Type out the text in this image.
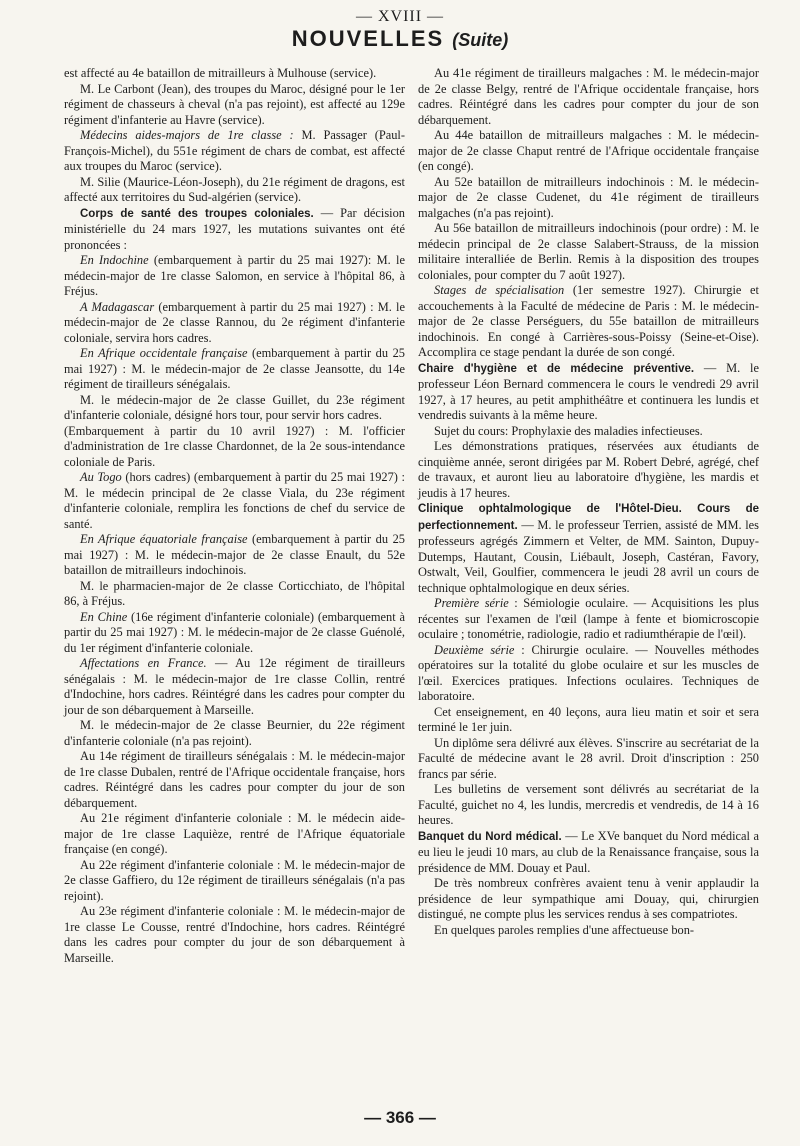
— XVIII —
NOUVELLES (Suite)

est affecté au 4e bataillon de mitrailleurs à Mulhouse (service).

M. Le Carbont (Jean), des troupes du Maroc, désigné pour le 1er régiment de chasseurs à cheval (n'a pas rejoint), est affecté au 129e régiment d'infanterie au Havre (service).

Médecins aides-majors de 1re classe : M. Passager (Paul-François-Michel), du 551e régiment de chars de combat, est affecté aux troupes du Maroc (service).

M. Silie (Maurice-Léon-Joseph), du 21e régiment de dragons, est affecté aux territoires du Sud-algérien (service).

Corps de santé des troupes coloniales. — Par décision ministérielle du 24 mars 1927, les mutations suivantes ont été prononcées :

En Indochine (embarquement à partir du 25 mai 1927): M. le médecin-major de 1re classe Salomon, en service à l'hôpital 86, à Fréjus.

A Madagascar (embarquement à partir du 25 mai 1927) : M. le médecin-major de 2e classe Rannou, du 2e régiment d'infanterie coloniale, servira hors cadres.

En Afrique occidentale française (embarquement à partir du 25 mai 1927) : M. le médecin-major de 2e classe Jeansotte, du 14e régiment de tirailleurs sénégalais.

M. le médecin-major de 2e classe Guillet, du 23e régiment d'infanterie coloniale, désigné hors tour, pour servir hors cadres.

(Embarquement à partir du 10 avril 1927) : M. l'officier d'administration de 1re classe Chardonnet, de la 2e sous-intendance coloniale de Paris.

Au Togo (hors cadres) (embarquement à partir du 25 mai 1927) : M. le médecin principal de 2e classe Viala, du 23e régiment d'infanterie coloniale, remplira les fonctions de chef du service de santé.

En Afrique équatoriale française (embarquement à partir du 25 mai 1927) : M. le médecin-major de 2e classe Enault, du 52e bataillon de mitrailleurs indochinois.

M. le pharmacien-major de 2e classe Corticchiato, de l'hôpital 86, à Fréjus.

En Chine (16e régiment d'infanterie coloniale) (embarquement à partir du 25 mai 1927) : M. le médecin-major de 2e classe Guénolé, du 1er régiment d'infanterie coloniale.

Affectations en France. — Au 12e régiment de tirailleurs sénégalais : M. le médecin-major de 1re classe Collin, rentré d'Indochine, hors cadres. Réintégré dans les cadres pour compter du jour de son débarquement à Marseille.

M. le médecin-major de 2e classe Beurnier, du 22e régiment d'infanterie coloniale (n'a pas rejoint).

Au 14e régiment de tirailleurs sénégalais : M. le médecin-major de 1re classe Dubalen, rentré de l'Afrique occidentale française, hors cadres. Réintégré dans les cadres pour compter du jour de son débarquement.

Au 21e régiment d'infanterie coloniale : M. le médecin aide-major de 1re classe Laquièze, rentré de l'Afrique équatoriale française (en congé).

Au 22e régiment d'infanterie coloniale : M. le médecin-major de 2e classe Gaffiero, du 12e régiment de tirailleurs sénégalais (n'a pas rejoint).

Au 23e régiment d'infanterie coloniale : M. le médecin-major de 1re classe Le Cousse, rentré d'Indochine, hors cadres. Réintégré dans les cadres pour compter du jour de son débarquement à Marseille.

Au 41e régiment de tirailleurs malgaches : M. le médecin-major de 2e classe Belgy, rentré de l'Afrique occidentale française, hors cadres. Réintégré dans les cadres pour compter du jour de son débarquement.

Au 44e bataillon de mitrailleurs malgaches : M. le médecin-major de 2e classe Chaput rentré de l'Afrique occidentale française (en congé).

Au 52e bataillon de mitrailleurs indochinois : M. le médecin-major de 2e classe Cudenet, du 41e régiment de tirailleurs malgaches (n'a pas rejoint).

Au 56e bataillon de mitrailleurs indochinois (pour ordre) : M. le médecin principal de 2e classe Salabert-Strauss, de la mission militaire interalliée de Berlin. Remis à la disposition des troupes coloniales, pour compter du 7 août 1927).

Stages de spécialisation (1er semestre 1927). Chirurgie et accouchements à la Faculté de médecine de Paris : M. le médecin-major de 2e classe Perséguers, du 55e bataillon de mitrailleurs indochinois. En congé à Carrières-sous-Poissy (Seine-et-Oise). Accomplira ce stage pendant la durée de son congé.

Chaire d'hygiène et de médecine préventive. — M. le professeur Léon Bernard commencera le cours le vendredi 29 avril 1927, à 17 heures, au petit amphithéâtre et continuera les lundis et vendredis suivants à la même heure.

Sujet du cours: Prophylaxie des maladies infectieuses.

Les démonstrations pratiques, réservées aux étudiants de cinquième année, seront dirigées par M. Robert Debré, agrégé, chef de travaux, et auront lieu au laboratoire d'hygiène, les mardis et jeudis à 17 heures.

Clinique ophtalmologique de l'Hôtel-Dieu. Cours de perfectionnement. — M. le professeur Terrien, assisté de MM. les professeurs agrégés Zimmern et Velter, de MM. Sainton, Dupuy-Dutemps, Hautant, Cousin, Liébault, Joseph, Castéran, Favory, Ostwalt, Veil, Goulfier, commencera le jeudi 28 avril un cours de technique ophtalmologique en deux séries.

Première série : Sémiologie oculaire. — Acquisitions les plus récentes sur l'examen de l'œil (lampe à fente et biomicroscopie oculaire ; tonométrie, radiologie, radio et radiumthérapie de l'œil).

Deuxième série : Chirurgie oculaire. — Nouvelles méthodes opératoires sur la totalité du globe oculaire et sur les muscles de l'œil. Exercices pratiques. Infections oculaires. Techniques de laboratoire.

Cet enseignement, en 40 leçons, aura lieu matin et soir et sera terminé le 1er juin.

Un diplôme sera délivré aux élèves. S'inscrire au secrétariat de la Faculté de médecine avant le 28 avril. Droit d'inscription : 250 francs par série.

Les bulletins de versement sont délivrés au secrétariat de la Faculté, guichet no 4, les lundis, mercredis et vendredis, de 14 à 16 heures.

Banquet du Nord médical. — Le XVe banquet du Nord médical a eu lieu le jeudi 10 mars, au club de la Renaissance française, sous la présidence de MM. Douay et Paul.

De très nombreux confrères avaient tenu à venir applaudir la présidence de leur sympathique ami Douay, qui, chirurgien distingué, ne compte plus les services rendus à ses compatriotes.

En quelques paroles remplies d'une affectueuse bon-

— 366 —
